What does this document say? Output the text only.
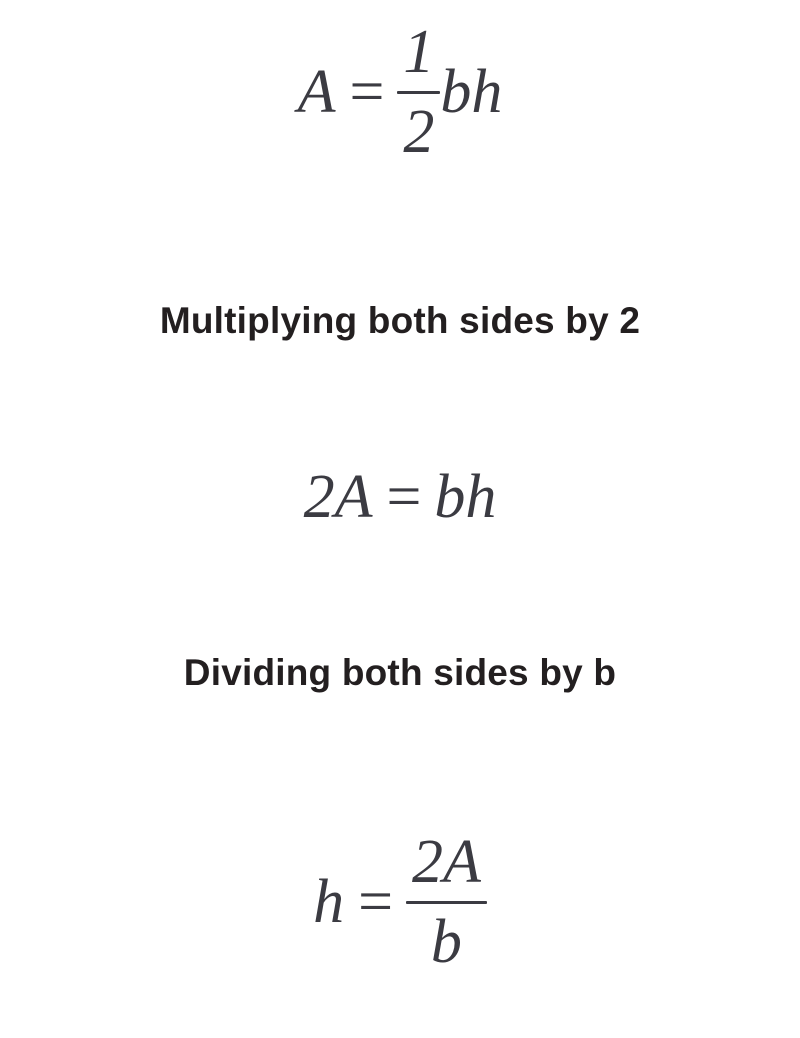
$A = \frac{1}{2}$ bh
Multiplying both sides by 2
2A = bh
Dividing both sides by b
$h = \frac{2A}{b}$
